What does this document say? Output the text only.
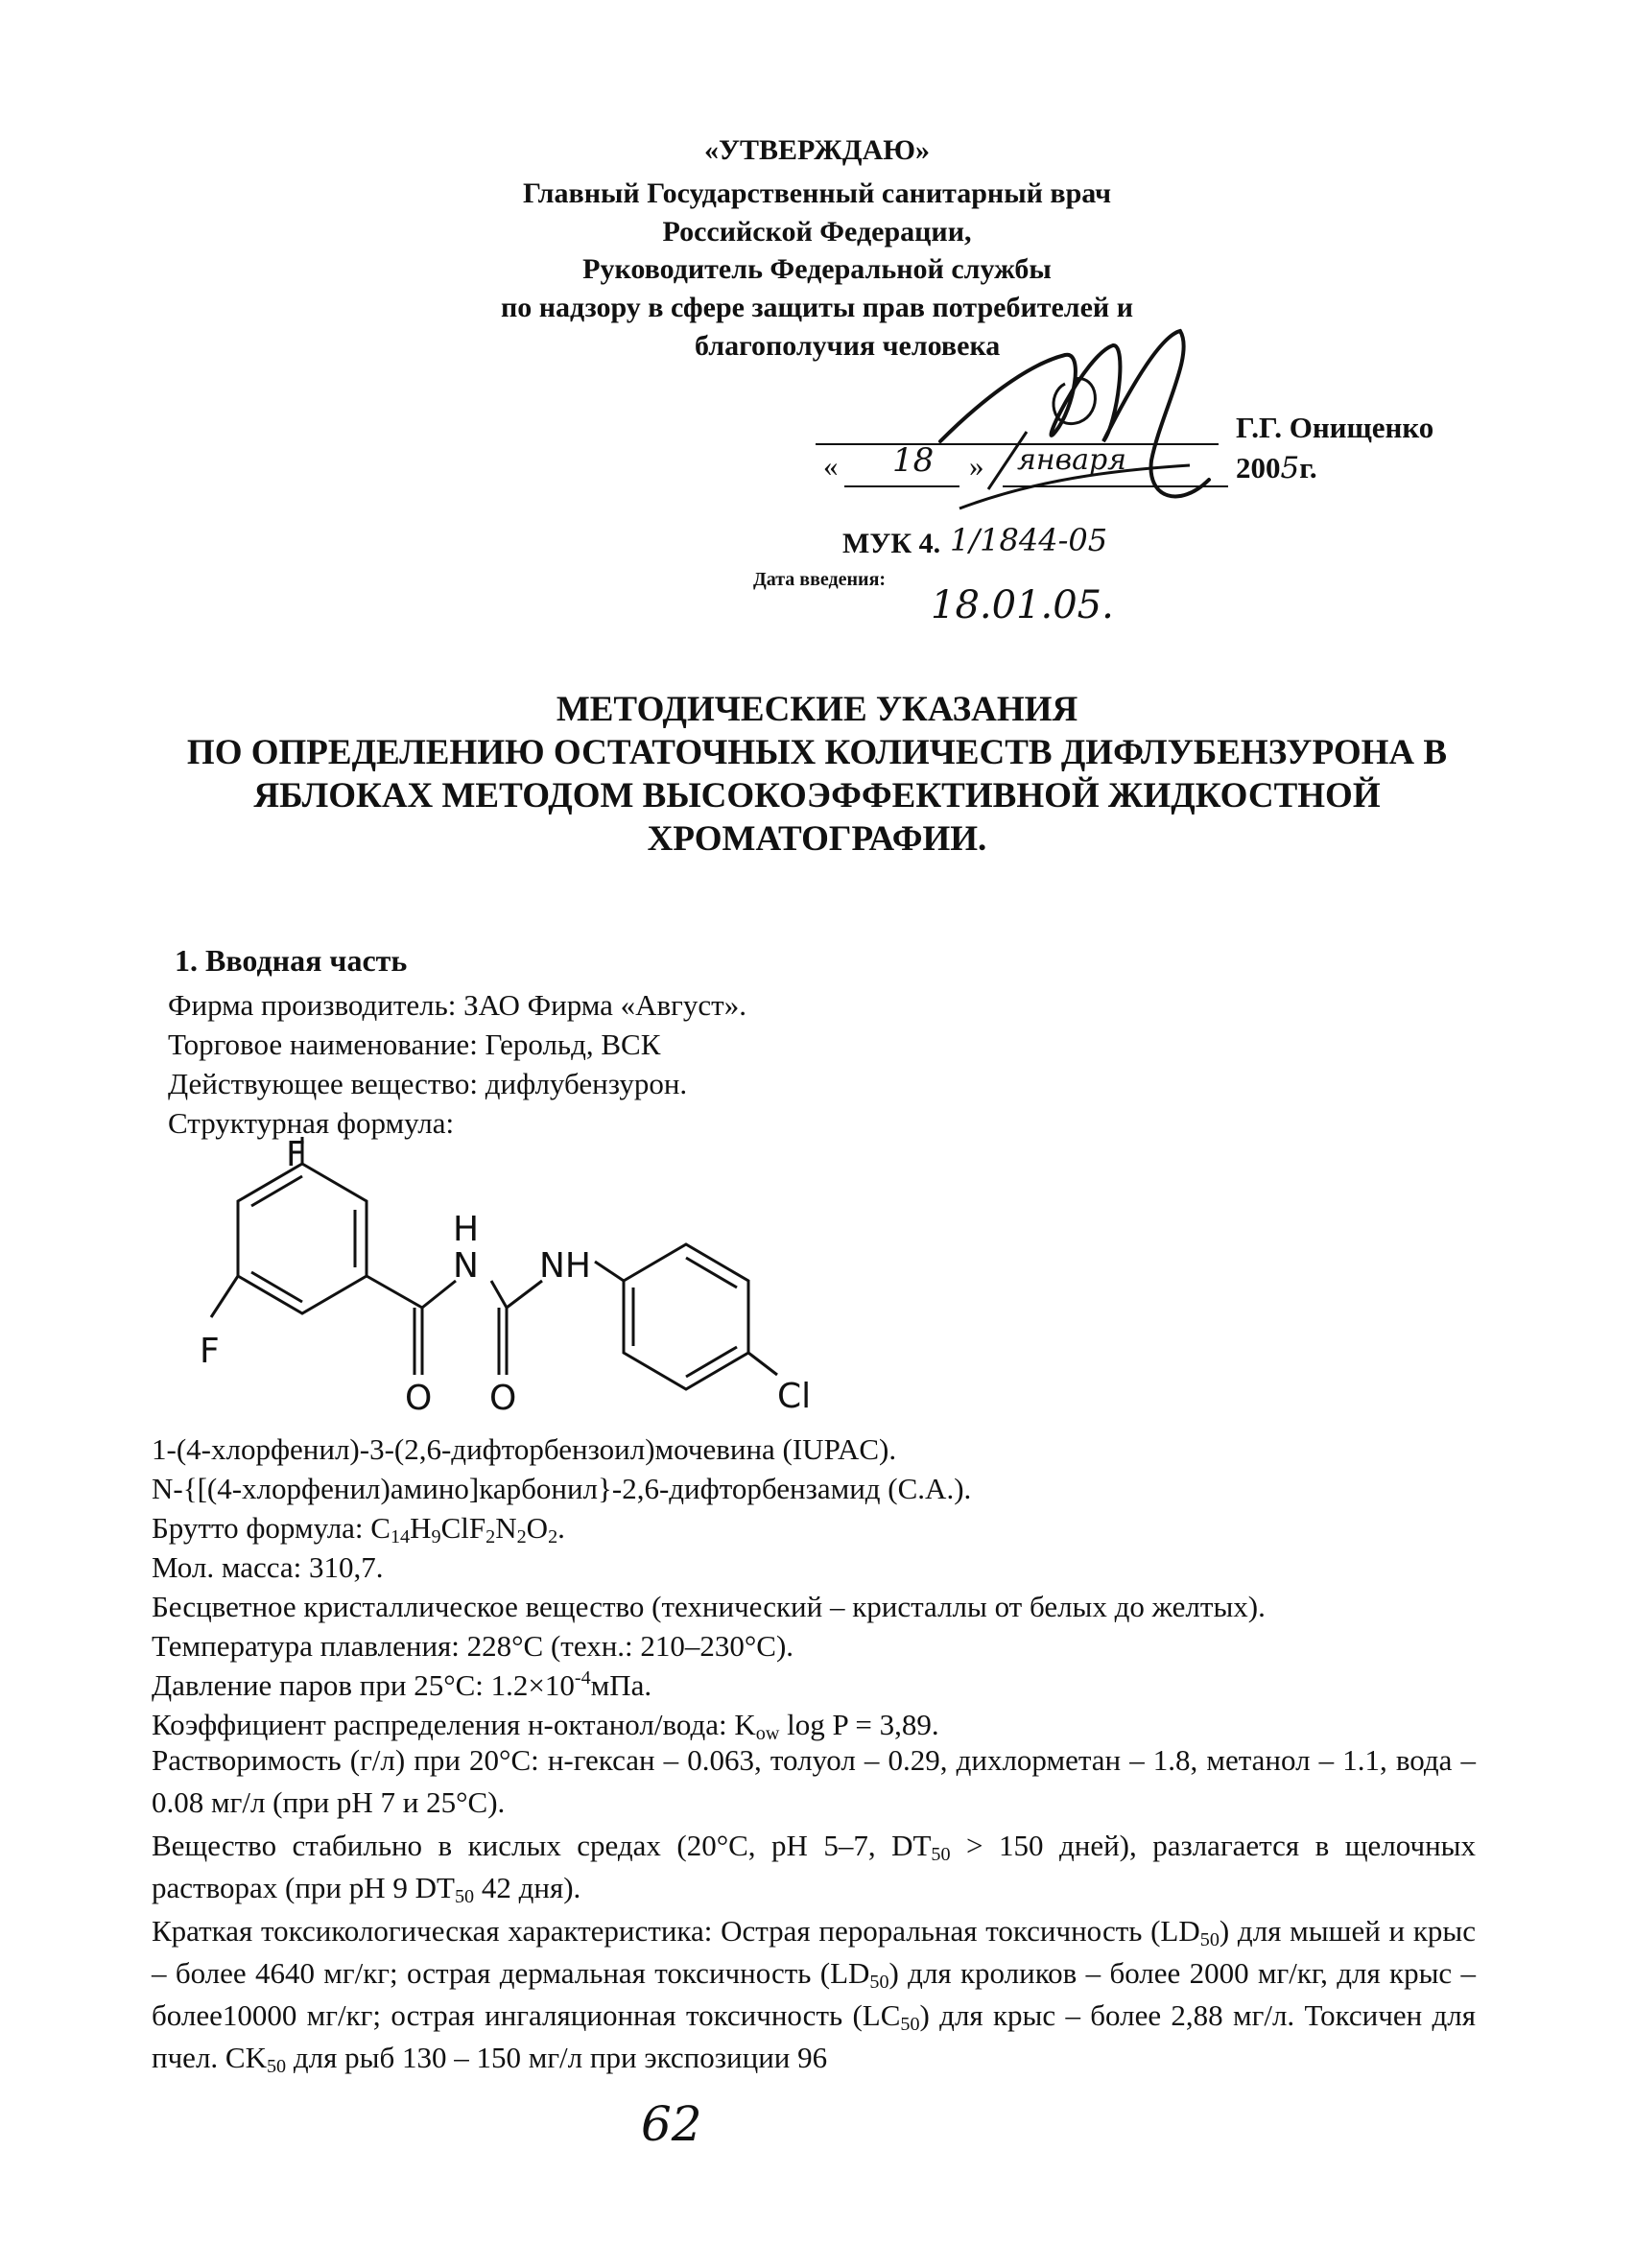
«УТВЕРЖДАЮ»
Главный Государственный санитарный врач
Российской Федерации,
Руководитель Федеральной службы
по надзору в сфере защиты прав потребителей и
благополучия человека
Г.Г. Онищенко
« 18 » января	2005г.
МУК 4. 1/1844-05
Дата введения:
18.01.05.
МЕТОДИЧЕСКИЕ УКАЗАНИЯ
ПО ОПРЕДЕЛЕНИЮ ОСТАТОЧНЫХ КОЛИЧЕСТВ ДИФЛУБЕНЗУРОНА В
ЯБЛОКАХ МЕТОДОМ ВЫСОКОЭФФЕКТИВНОЙ ЖИДКОСТНОЙ
ХРОМАТОГРАФИИ.
1. Вводная часть
Фирма производитель: ЗАО Фирма «Август».
Торговое наименование: Герольд, ВСК
Действующее вещество: дифлубензурон.
Структурная формула:
F
F
H
N NH
O O	Cl
1-(4-хлорфенил)-3-(2,6-дифторбензоил)мочевина (IUPAC).
N-{[(4-хлорфенил)амино]карбонил}-2,6-дифторбензамид (С.А.).
Брутто формула: $C_{14}H_9ClF_2N_2O_2$.
Мол. масса: 310,7.
Бесцветное кристаллическое вещество (технический – кристаллы от белых до желтых).
Температура плавления: 228°С (техн.: 210–230°С).
Давление паров при 25°С: $1.2\times 10^{-4}мПа$.
Коэффициент распределения н-октанол/вода: $K_{ow}$ log P = 3,89.
Растворимость (г/л) при 20°С: н-гексан – 0.063, толуол – 0.29, дихлорметан – 1.8, метанол – 1.1, вода – 0.08 мг/л (при pH 7 и 25°С).
Вещество стабильно в кислых средах (20°С, pH 5–7, $DT_{50} > 150$ дней), разлагается в щелочных растворах (при pH 9 $DT_{50}$ 42 дня).
Краткая токсикологическая характеристика: Острая пероральная токсичность $(LD_{50})$ для мышей и крыс – более 4640 мг/кг; острая дермальная токсичность $(LD_{50})$ для кроликов – более 2000 мг/кг, для крыс – более10000 мг/кг; острая ингаляционная токсичность $(LC_{50})$ для крыс – более 2,88 мг/л. Токсичен для пчел. $CK_{50}$ для рыб 130 – 150 мг/л при экспозиции 96
62
